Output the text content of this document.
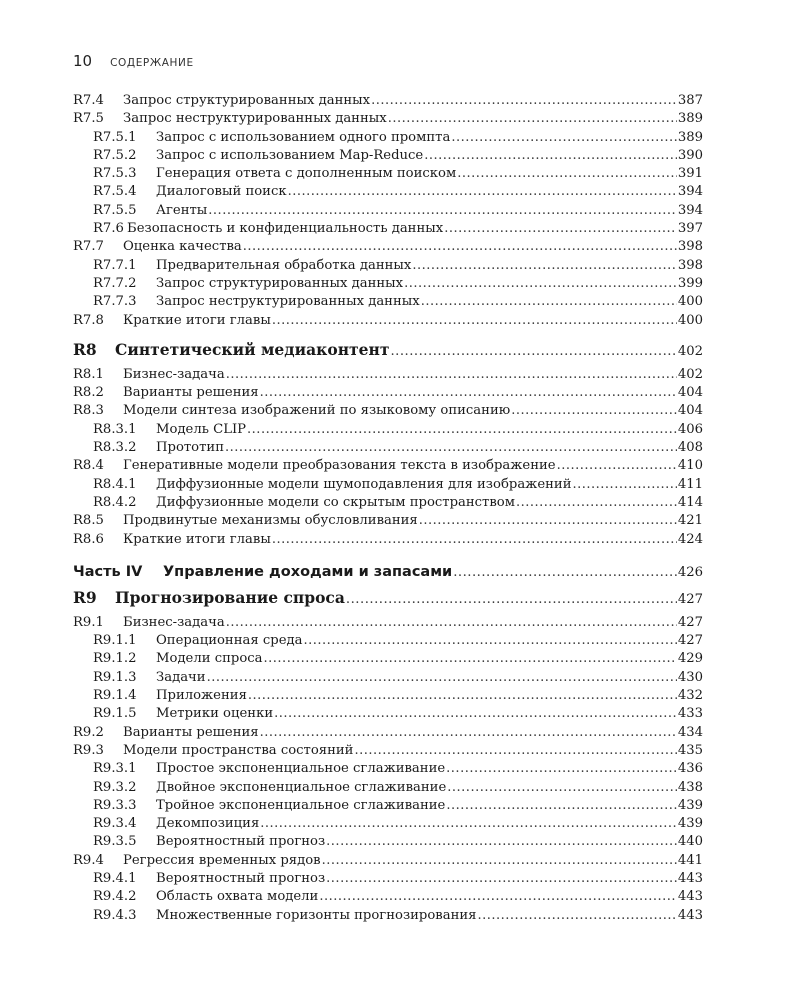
10 СОДЕРЖАНИЕ
R7.4	Запрос структурированных данных .....	387
R7.5	Запрос неструктурированных данных .....	389
R7.5.1	Запрос с использованием одного промпта .....	389
R7.5.2	Запрос с использованием Map-Reduce .....	390
R7.5.3	Генерация ответа с дополненным поиском .....	391
R7.5.4	Диалоговый поиск .....	394
R7.5.5	Агенты .....	394
R7.6 Безопасность и конфиденциальность данных .....	397
R7.7	Оценка качества .....	398
R7.7.1	Предварительная обработка данных .....	398
R7.7.2	Запрос структурированных данных .....	399
R7.7.3	Запрос неструктурированных данных .....	400
R7.8	Краткие итоги главы .....	400
R8	Синтетический медиаконтент .....	402
R8.1	Бизнес-задача .....	402
R8.2	Варианты решения .....	404
R8.3	Модели синтеза изображений по языковому описанию .....	404
R8.3.1	Модель CLIP .....	406
R8.3.2	Прототип .....	408
R8.4	Генеративные модели преобразования текста в изображение .....	410
R8.4.1	Диффузионные модели шумоподавления для изображений .....	411
R8.4.2	Диффузионные модели со скрытым пространством .....	414
R8.5	Продвинутые механизмы обусловливания .....	421
R8.6	Краткие итоги главы .....	424
Часть IV	Управление доходами и запасами .....	426
R9	Прогнозирование спроса .....	427
R9.1	Бизнес-задача .....	427
R9.1.1	Операционная среда .....	427
R9.1.2	Модели спроса .....	429
R9.1.3	Задачи .....	430
R9.1.4	Приложения .....	432
R9.1.5	Метрики оценки .....	433
R9.2	Варианты решения .....	434
R9.3	Модели пространства состояний .....	435
R9.3.1	Простое экспоненциальное сглаживание .....	436
R9.3.2	Двойное экспоненциальное сглаживание .....	438
R9.3.3	Тройное экспоненциальное сглаживание .....	439
R9.3.4	Декомпозиция .....	439
R9.3.5	Вероятностный прогноз .....	440
R9.4	Регрессия временных рядов .....	441
R9.4.1	Вероятностный прогноз .....	443
R9.4.2	Область охвата модели .....	443
R9.4.3	Множественные горизонты прогнозирования .....	443
